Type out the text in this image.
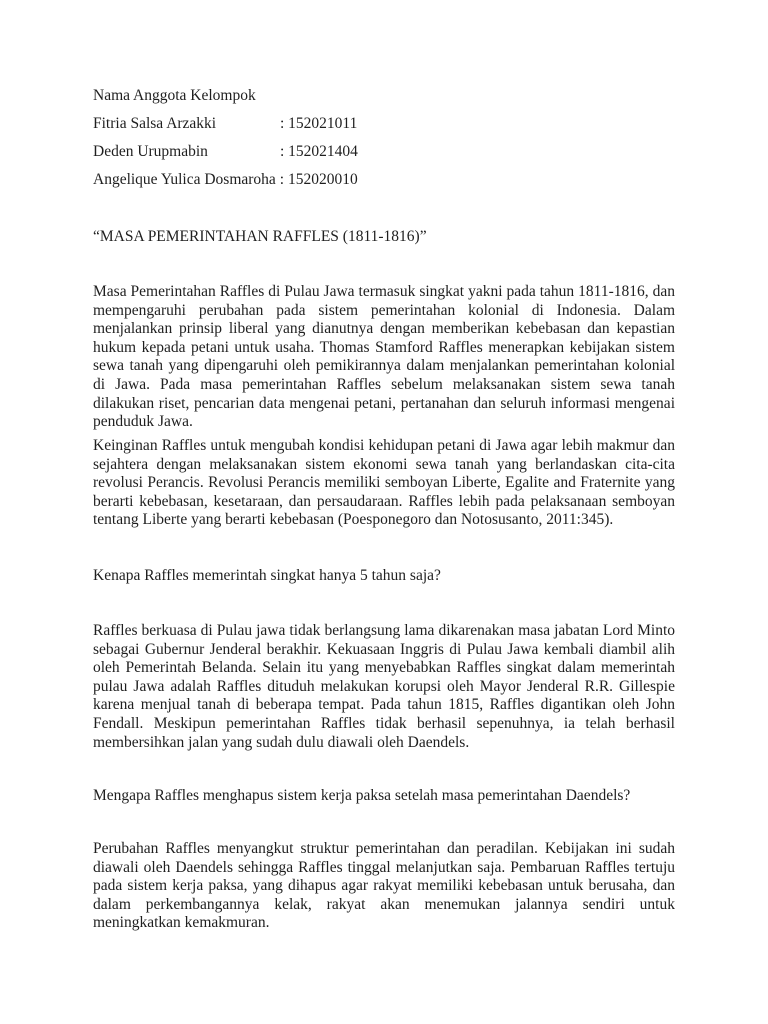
Nama Anggota Kelompok
Fitria Salsa Arzakki	: 152021011
Deden Urupmabin	: 152021404
Angelique Yulica Dosmaroha : 152020010
“MASA PEMERINTAHAN RAFFLES (1811-1816)”

Masa Pemerintahan Raffles di Pulau Jawa termasuk singkat yakni pada tahun 1811-1816, dan mempengaruhi perubahan pada sistem pemerintahan kolonial di Indonesia. Dalam menjalankan prinsip liberal yang dianutnya dengan memberikan kebebasan dan kepastian hukum kepada petani untuk usaha. Thomas Stamford Raffles menerapkan kebijakan sistem sewa tanah yang dipengaruhi oleh pemikirannya dalam menjalankan pemerintahan kolonial di Jawa. Pada masa pemerintahan Raffles sebelum melaksanakan sistem sewa tanah dilakukan riset, pencarian data mengenai petani, pertanahan dan seluruh informasi mengenai penduduk Jawa.

Keinginan Raffles untuk mengubah kondisi kehidupan petani di Jawa agar lebih makmur dan sejahtera dengan melaksanakan sistem ekonomi sewa tanah yang berlandaskan cita-cita revolusi Perancis. Revolusi Perancis memiliki semboyan Liberte, Egalite and Fraternite yang berarti kebebasan, kesetaraan, dan persaudaraan. Raffles lebih pada pelaksanaan semboyan tentang Liberte yang berarti kebebasan (Poesponegoro dan Notosusanto, 2011:345).

Kenapa Raffles memerintah singkat hanya 5 tahun saja?

Raffles berkuasa di Pulau jawa tidak berlangsung lama dikarenakan masa jabatan Lord Minto sebagai Gubernur Jenderal berakhir. Kekuasaan Inggris di Pulau Jawa kembali diambil alih oleh Pemerintah Belanda. Selain itu yang menyebabkan Raffles singkat dalam memerintah pulau Jawa adalah Raffles dituduh melakukan korupsi oleh Mayor Jenderal R.R. Gillespie karena menjual tanah di beberapa tempat. Pada tahun 1815, Raffles digantikan oleh John Fendall. Meskipun pemerintahan Raffles tidak berhasil sepenuhnya, ia telah berhasil membersihkan jalan yang sudah dulu diawali oleh Daendels.

Mengapa Raffles menghapus sistem kerja paksa setelah masa pemerintahan Daendels?

Perubahan Raffles menyangkut struktur pemerintahan dan peradilan. Kebijakan ini sudah diawali oleh Daendels sehingga Raffles tinggal melanjutkan saja. Pembaruan Raffles tertuju pada sistem kerja paksa, yang dihapus agar rakyat memiliki kebebasan untuk berusaha, dan dalam perkembangannya kelak, rakyat akan menemukan jalannya sendiri untuk meningkatkan kemakmuran.
